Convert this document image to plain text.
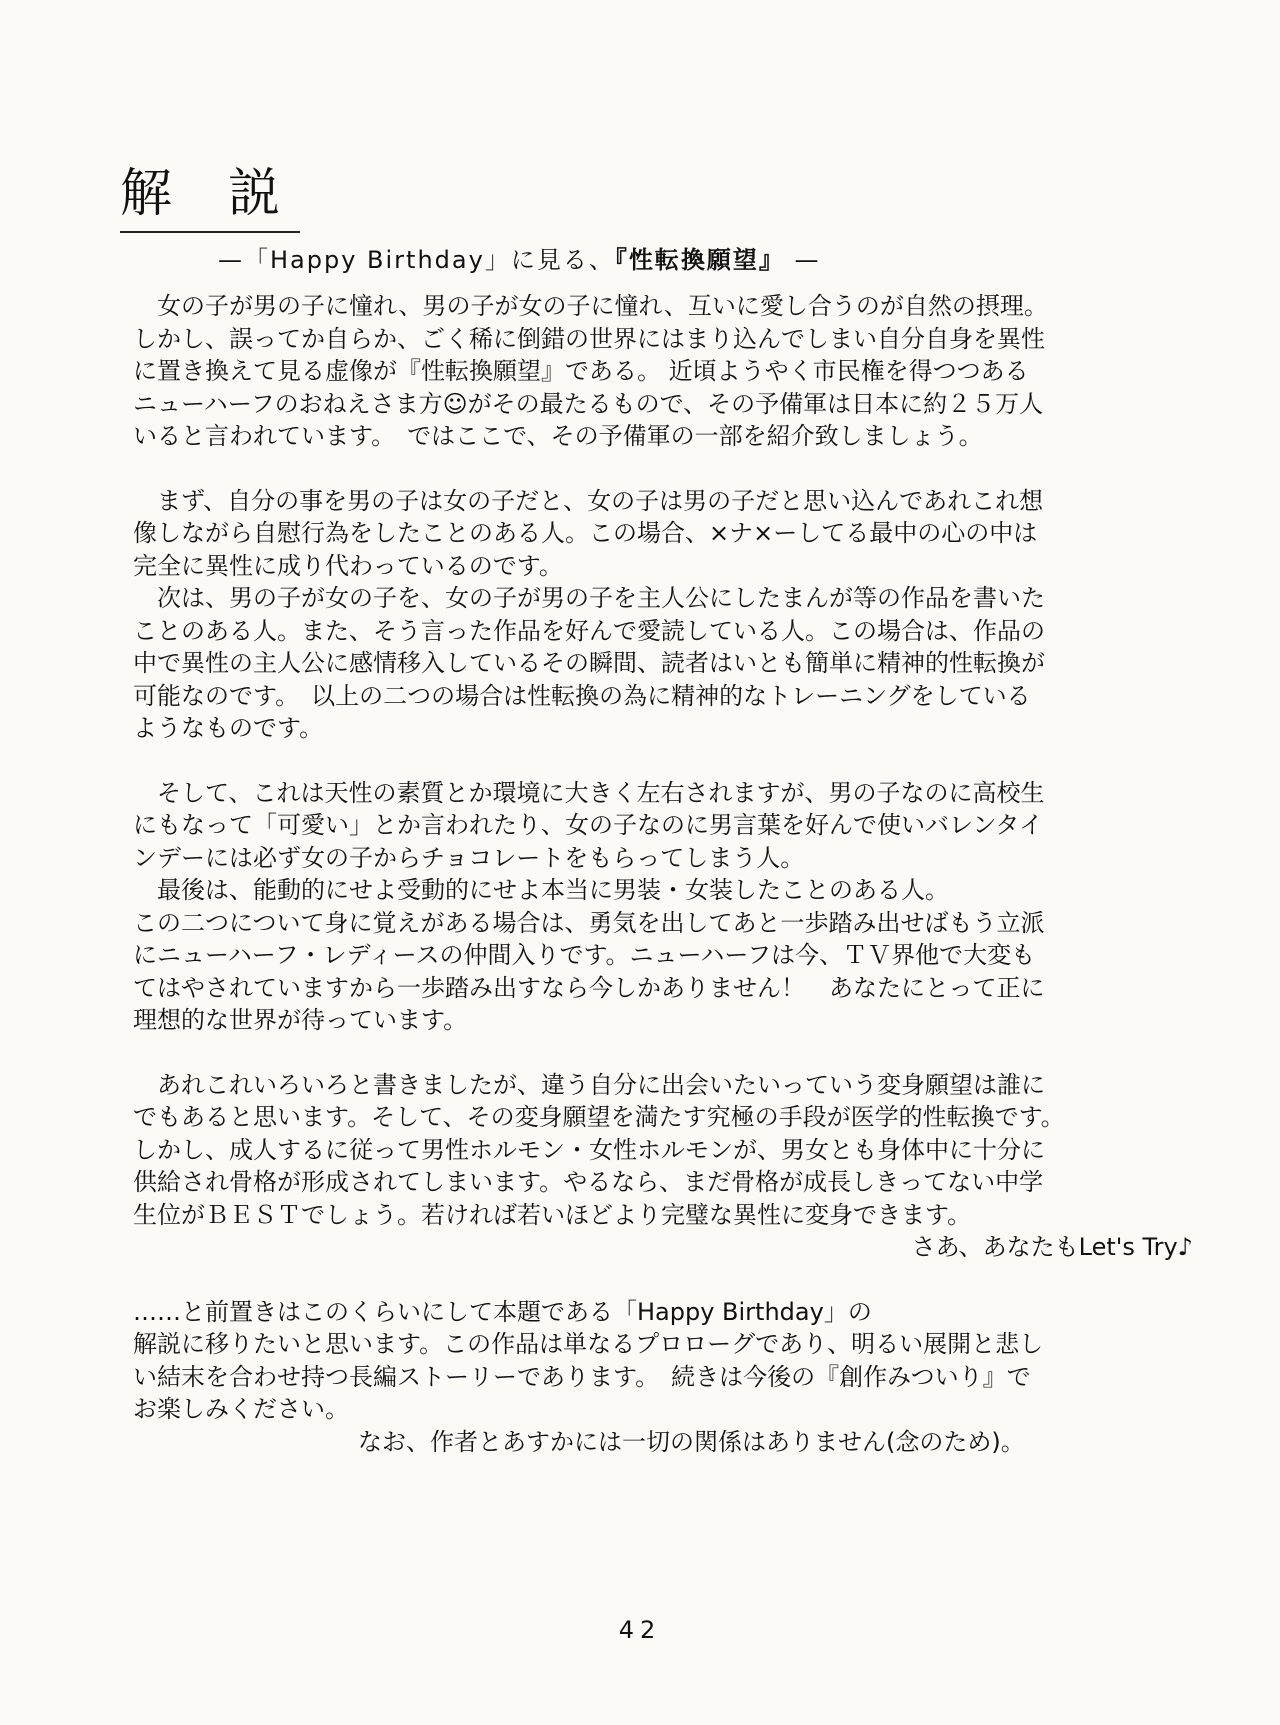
解説
—「Happy Birthday」に見る、『性転換願望』 —
　女の子が男の子に憧れ、男の子が女の子に憧れ、互いに愛し合うのが自然の摂理。
しかし、誤ってか自らか、ごく稀に倒錯の世界にはまり込んでしまい自分自身を異性
に置き換えて見る虚像が『性転換願望』である。 近頃ようやく市民権を得つつある
ニューハーフのおねえさま方☺がその最たるもので、その予備軍は日本に約２５万人
いると言われています。　ではここで、その予備軍の一部を紹介致しましょう。
　まず、自分の事を男の子は女の子だと、女の子は男の子だと思い込んであれこれ想
像しながら自慰行為をしたことのある人。この場合、×ナ×ーしてる最中の心の中は
完全に異性に成り代わっているのです。
　次は、男の子が女の子を、女の子が男の子を主人公にしたまんが等の作品を書いた
ことのある人。また、そう言った作品を好んで愛読している人。この場合は、作品の
中で異性の主人公に感情移入しているその瞬間、読者はいとも簡単に精神的性転換が
可能なのです。　以上の二つの場合は性転換の為に精神的なトレーニングをしている
ようなものです。
　そして、これは天性の素質とか環境に大きく左右されますが、男の子なのに高校生
にもなって「可愛い」とか言われたり、女の子なのに男言葉を好んで使いバレンタイ
ンデーには必ず女の子からチョコレートをもらってしまう人。
　最後は、能動的にせよ受動的にせよ本当に男装・女装したことのある人。
この二つについて身に覚えがある場合は、勇気を出してあと一歩踏み出せばもう立派
にニューハーフ・レディースの仲間入りです。ニューハーフは今、ＴＶ界他で大変も
てはやされていますから一歩踏み出すなら今しかありません！　あなたにとって正に
理想的な世界が待っています。
　あれこれいろいろと書きましたが、違う自分に出会いたいっていう変身願望は誰に
でもあると思います。そして、その変身願望を満たす究極の手段が医学的性転換です。
しかし、成人するに従って男性ホルモン・女性ホルモンが、男女とも身体中に十分に
供給され骨格が形成されてしまいます。やるなら、まだ骨格が成長しきってない中学
生位がＢＥＳＴでしょう。若ければ若いほどより完璧な異性に変身できます。
さあ、あなたもLet's Try♪
……と前置きはこのくらいにして本題である「Happy Birthday」の
解説に移りたいと思います。この作品は単なるプロローグであり、明るい展開と悲し
い結末を合わせ持つ長編ストーリーであります。　続きは今後の『創作みついり』で
お楽しみください。
なお、作者とあすかには一切の関係はありません(念のため)。
42
